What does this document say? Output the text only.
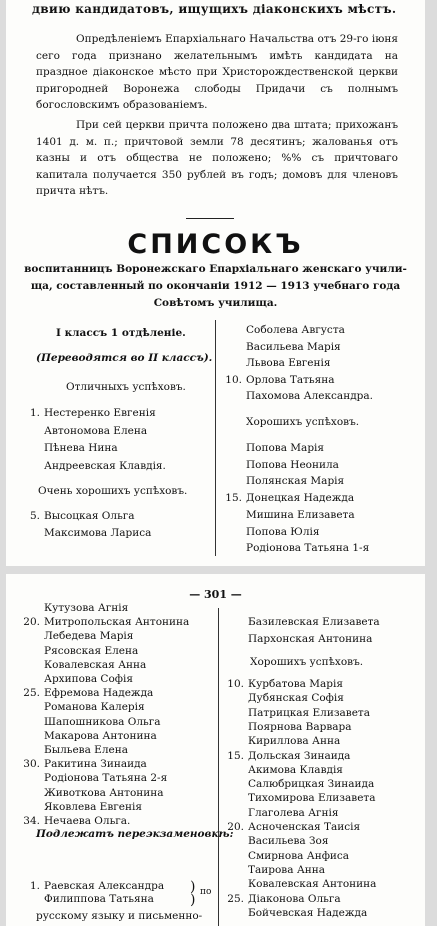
двию кандидатовъ, ищущихъ діаконскихъ мѣстъ.
Опредѣленіемъ Епархіальнаго Начальства отъ 29-го іюня сего года признано желательнымъ имѣть кандидата на праздное діаконское мѣсто при Христорождественской церкви пригородней Воронежа слободы Придачи съ полнымъ богословскимъ образованіемъ.
При сей церкви причта положено два штата; прихожанъ 1401 д. м. п.; причтовой земли 78 десятинъ; жалованья отъ казны и отъ общества не положено; %% съ причтоваго капитала получается 350 рублей въ годъ; домовъ для членовъ причта нѣтъ.
СПИСОКЪ
воспитанницъ Воронежскаго Епархіальнаго женскаго учили-
ща, составленный по окончаніи 1912 — 1913 учебнаго года
Совѣтомъ училища.
I классъ 1 отдѣленіе.
(Переводятся во II классъ).
Отличныхъ успѣховъ.
1. Нестеренко Евгенія
Автономова Елена
Пѣнева Нина
Андреевская Клавдія.
Очень хорошихъ успѣховъ.
5. Высоцкая Ольга
Максимова Лариса
Соболева Августа
Васильева Марія
Львова Евгенія
10. Орлова Татьяна
Пахомова Александра.
Хорошихъ успѣховъ.
Попова Марія
Попова Неонила
Полянская Марія
15. Донецкая Надежда
Мишина Елизавета
Попова Юлія
Родіонова Татьяна 1-я
— 301 —
Кутузова Агнія
20. Митропольская Антонина
Лебедева Марія
Рясовская Елена
Ковалевская Анна
Архипова Софія
25. Ефремова Надежда
Романова Калерія
Шапошникова Ольга
Макарова Антонина
Быльева Елена
30. Ракитина Зинаида
Родіонова Татьяна 2-я
Животкова Антонина
Яковлева Евгенія
34. Нечаева Ольга.
Подлежатъ переэкзаменовкѣ:
1. Раевская Александра
Филиппова Татьяна
)
) по
русскому языку и письменно-
Базилевская Елизавета
Пархонская Антонина
Хорошихъ успѣховъ.
10. Курбатова Марія
Дубянская Софія
Патрицкая Елизавета
Поярнова Варвара
Кириллова Анна
15. Дольская Зинаида
Акимова Клавдія
Салюбрицкая Зинаида
Тихомирова Елизавета
Глаголева Агнія
20. Асноченская Таисія
Васильева Зоя
Смирнова Анфиса
Таирова Анна
Ковалевская Антонина
25. Діаконова Ольга
Бойчевская Надежда
